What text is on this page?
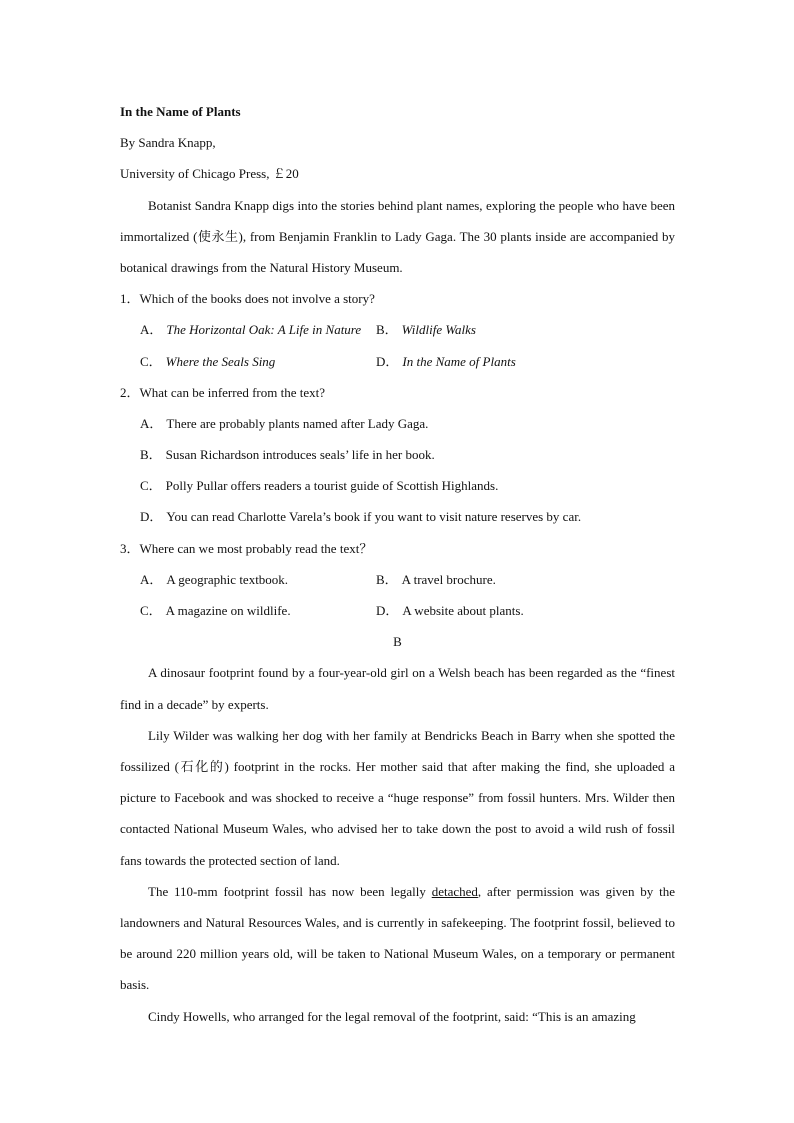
In the Name of Plants
By Sandra Knapp,
University of Chicago Press, ￡20

Botanist Sandra Knapp digs into the stories behind plant names, exploring the people who have been immortalized (使永生), from Benjamin Franklin to Lady Gaga. The 30 plants inside are accompanied by botanical drawings from the Natural History Museum.

1．Which of the books does not involve a story?
A． The Horizontal Oak: A Life in Nature	B． Wildlife Walks
C． Where the Seals Sing	D． In the Name of Plants
2．What can be inferred from the text?
A． There are probably plants named after Lady Gaga.
B． Susan Richardson introduces seals’ life in her book.
C． Polly Pullar offers readers a tourist guide of Scottish Highlands.
D． You can read Charlotte Varela’s book if you want to visit nature reserves by car.
3．Where can we most probably read the text？
A． A geographic textbook.	B． A travel brochure.
C． A magazine on wildlife.	D． A website about plants.
B

A dinosaur footprint found by a four-year-old girl on a Welsh beach has been regarded as the “finest find in a decade” by experts.

Lily Wilder was walking her dog with her family at Bendricks Beach in Barry when she spotted the fossilized (石化的) footprint in the rocks. Her mother said that after making the find, she uploaded a picture to Facebook and was shocked to receive a “huge response” from fossil hunters. Mrs. Wilder then contacted National Museum Wales, who advised her to take down the post to avoid a wild rush of fossil fans towards the protected section of land.

The 110-mm footprint fossil has now been legally detached, after permission was given by the landowners and Natural Resources Wales, and is currently in safekeeping. The footprint fossil, believed to be around 220 million years old, will be taken to National Museum Wales, on a temporary or permanent basis.

Cindy Howells, who arranged for the legal removal of the footprint, said: “This is an amazing
